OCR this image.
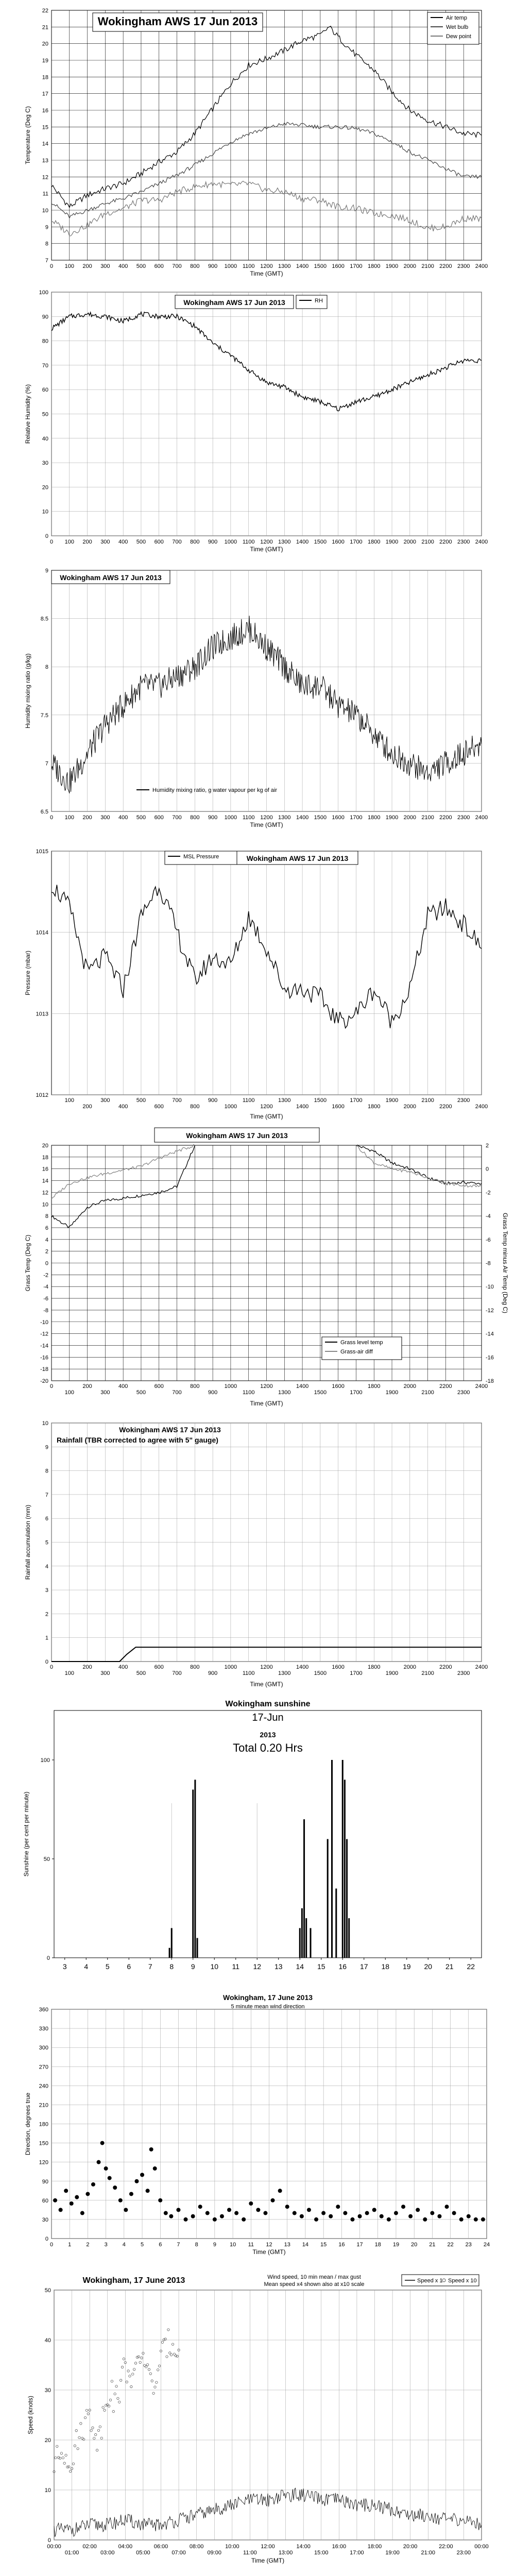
7
8
9
10
11
12
13
14
15
16
17
18
19
20
21
22
0 100 200 300 400 500 600 700 800 900 1000 1100 1200 1300 1400 1500 1600 1700 1800 1900 2000 2100 2200 2300 2400
Time (GMT)
Temperature (Deg C)
Wokingham AWS 17 Jun 2013	Air temp
Wet bulb
Dew point
0
10
20
30
40
50
60
70
80
90
100
0 100 200 300 400 500 600 700 800 900 1000 1100 1200 1300 1400 1500 1600 1700 1800 1900 2000 2100 2200 2300 2400
Time (GMT)
Relative Humidity (%)
Wokingham AWS 17 Jun 2013	RH
6.5
7
7.5
8
8.5
9
0 100 200 300 400 500 600 700 800 900 1000 1100 1200 1300 1400 1500 1600 1700 1800 1900 2000 2100 2200 2300 2400
Time (GMT)
Humidity mixing ratio (g/kg)
Wokingham AWS 17 Jun 2013
Humidity mixing ratio, g water vapour per kg of air
1012
1013
1014
1015
100
200
300
400
500
600
700
800
900
1000
1100
1200
1300
1400
1500
1600
1700
1800
1900
2000
2100
2200
2300
2400
Time (GMT)
Pressure (mbar)
MSL Pressure	Wokingham AWS 17 Jun 2013
-20
-18
-16
-14
-12
-10
-8
-6
-4
-2
0
2
4
6
8
10
12
14
16
18
20
0
100
200
300
400
500
600
700
800
900
1000
1100
1200
1300
1400
1500
1600
1700
1800
1900
2000
2100
2200
2300
2400
Time (GMT)
Grass Temp (Deg C)
-18
-16
-14
-12
-10
-8
-6
-4
-2
0
2
Grass Temp minus Air Temp (Deg C)
Wokingham AWS 17 Jun 2013
Grass level temp
Grass-air diff
0
1
2
3
4
5
6
7
8
9
10
0
100
200
300
400
500
600
700
800
900
1000
1100
1200
1300
1400
1500
1600
1700
1800
1900
2000
2100
2200
2300
2400
Time (GMT)
Rainfall accumulation (mm)
Wokingham AWS 17 Jun 2013
Rainfall (TBR corrected to agree with 5" gauge)
0
50
100
3 4 5 6 7 8 9 10 11 12 13 14 15 16 17 18 19 20 21 22
Sunshine (per cent per minute)
Wokingham sunshine
17-Jun
2013
Total 0.20 Hrs
0
30
60
90
120
150
180
210
240
270
300
330
360
0	1	2	3	4	5	6	7	8	9 10 11 12 13 14 15 16 17 18 19 20 21 22 23 24
Time (GMT)
Direction, degrees true
Wokingham, 17 June 2013
5 minute mean wind direction
0
10
20
30
40
50
00:00
01:00
02:00
03:00
04:00
05:00
06:00
07:00
08:00
09:00
10:00
11:00
12:00
13:00
14:00
15:00
16:00
17:00
18:00
19:00
20:00
21:00
22:00
23:00
00:00
Time (GMT)
Speed (knots)
Wokingham, 17 June 2013	Wind speed, 10 min mean / max gust
Mean speed x4 shown also at x10 scale
Speed x 1 Speed x 10
